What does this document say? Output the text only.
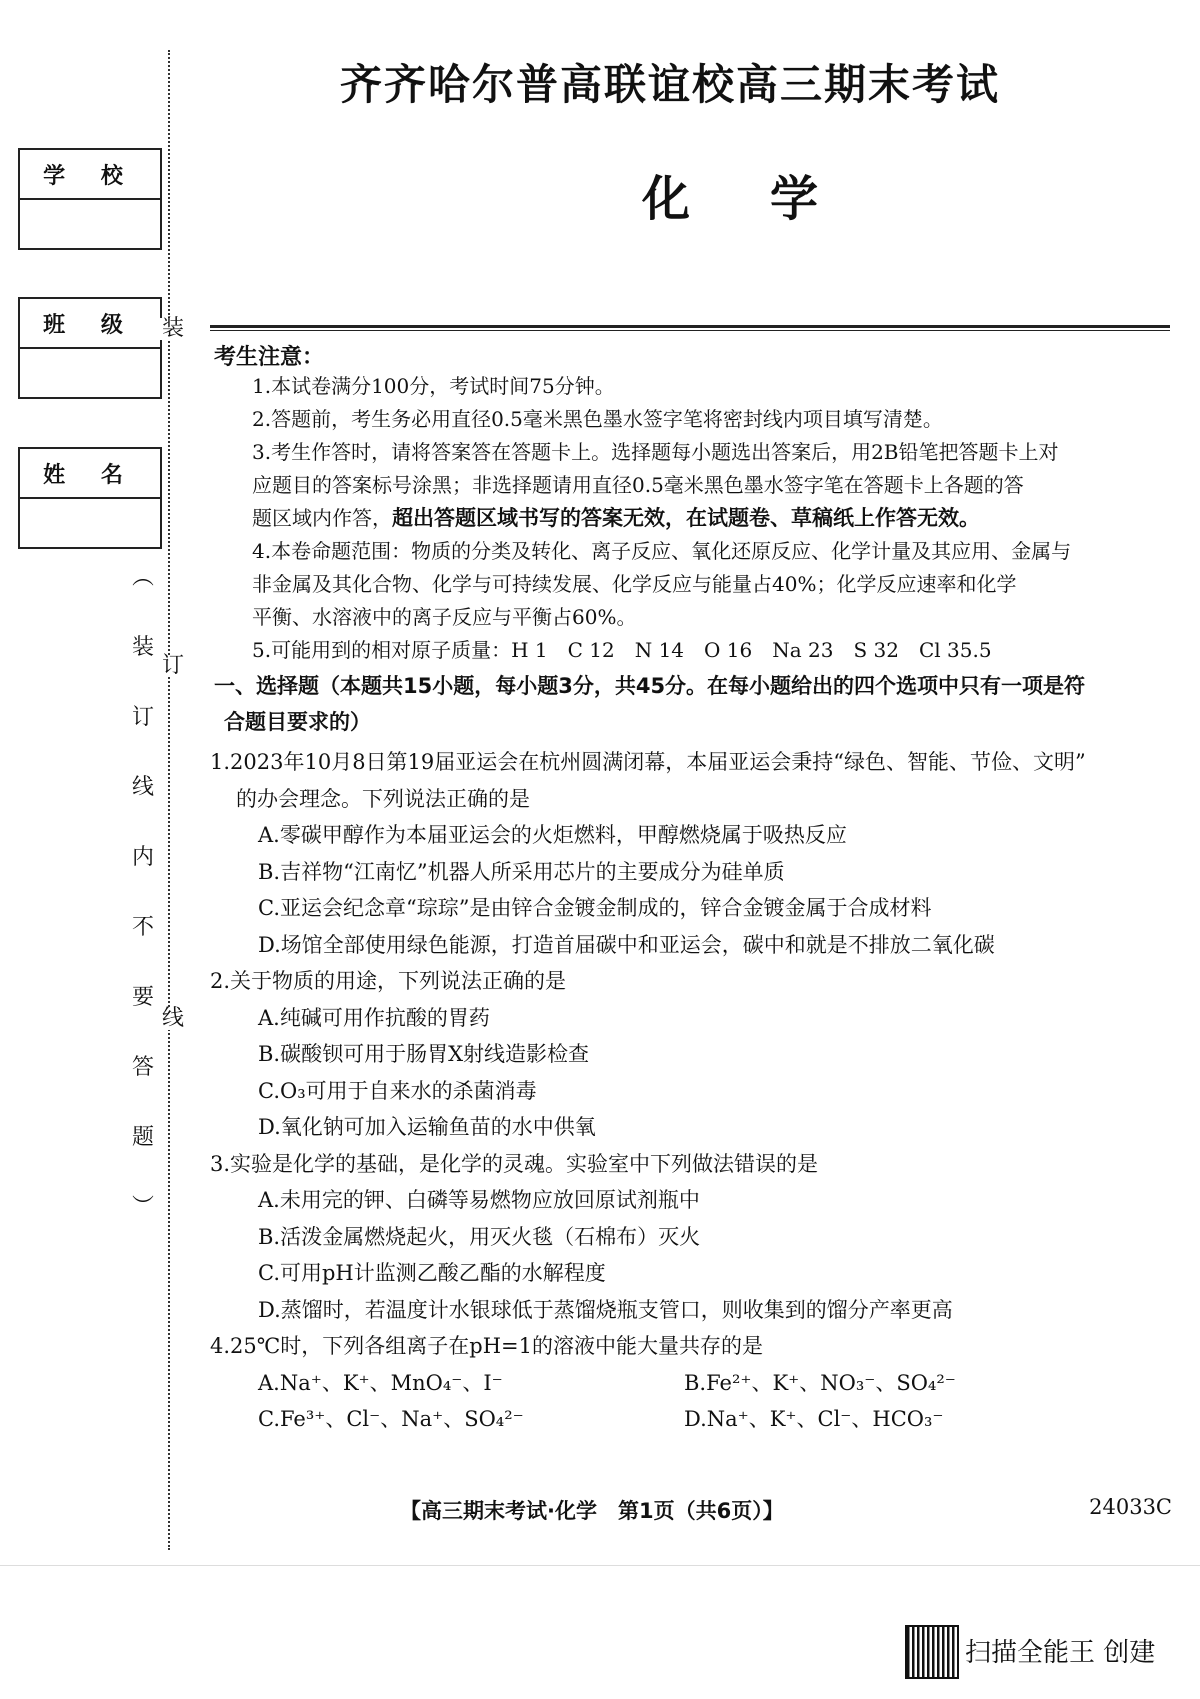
学 校
班 级
姓 名
︵
装
订
线
内
不
要
答
题
︶
装
订
线
齐齐哈尔普高联谊校高三期末考试
化学
考生注意：

1.本试卷满分100分，考试时间75分钟。

2.答题前，考生务必用直径0.5毫米黑色墨水签字笔将密封线内项目填写清楚。

3.考生作答时，请将答案答在答题卡上。选择题每小题选出答案后，用2B铅笔把答题卡上对

应题目的答案标号涂黑；非选择题请用直径0.5毫米黑色墨水签字笔在答题卡上各题的答

题区域内作答，超出答题区域书写的答案无效，在试题卷、草稿纸上作答无效。

4.本卷命题范围：物质的分类及转化、离子反应、氧化还原反应、化学计量及其应用、金属与

非金属及其化合物、化学与可持续发展、化学反应与能量占40%；化学反应速率和化学

平衡、水溶液中的离子反应与平衡占60%。

5.可能用到的相对原子质量：H 1　C 12　N 14　O 16　Na 23　S 32　Cl 35.5

一、选择题（本题共15小题，每小题3分，共45分。在每小题给出的四个选项中只有一项是符

合题目要求的）

1.2023年10月8日第19届亚运会在杭州圆满闭幕，本届亚运会秉持“绿色、智能、节俭、文明”

的办会理念。下列说法正确的是

A.零碳甲醇作为本届亚运会的火炬燃料，甲醇燃烧属于吸热反应

B.吉祥物“江南忆”机器人所采用芯片的主要成分为硅单质

C.亚运会纪念章“琮琮”是由锌合金镀金制成的，锌合金镀金属于合成材料

D.场馆全部使用绿色能源，打造首届碳中和亚运会，碳中和就是不排放二氧化碳

2.关于物质的用途，下列说法正确的是

A.纯碱可用作抗酸的胃药

B.碳酸钡可用于肠胃X射线造影检查

C.O₃可用于自来水的杀菌消毒

D.氧化钠可加入运输鱼苗的水中供氧

3.实验是化学的基础，是化学的灵魂。实验室中下列做法错误的是

A.未用完的钾、白磷等易燃物应放回原试剂瓶中

B.活泼金属燃烧起火，用灭火毯（石棉布）灭火

C.可用pH计监测乙酸乙酯的水解程度

D.蒸馏时，若温度计水银球低于蒸馏烧瓶支管口，则收集到的馏分产率更高

4.25℃时，下列各组离子在pH=1的溶液中能大量共存的是

A.Na⁺、K⁺、MnO₄⁻、I⁻	B.Fe²⁺、K⁺、NO₃⁻、SO₄²⁻
C.Fe³⁺、Cl⁻、Na⁺、SO₄²⁻	D.Na⁺、K⁺、Cl⁻、HCO₃⁻
【高三期末考试·化学　第1页（共6页）】	24033C
扫描全能王 创建
